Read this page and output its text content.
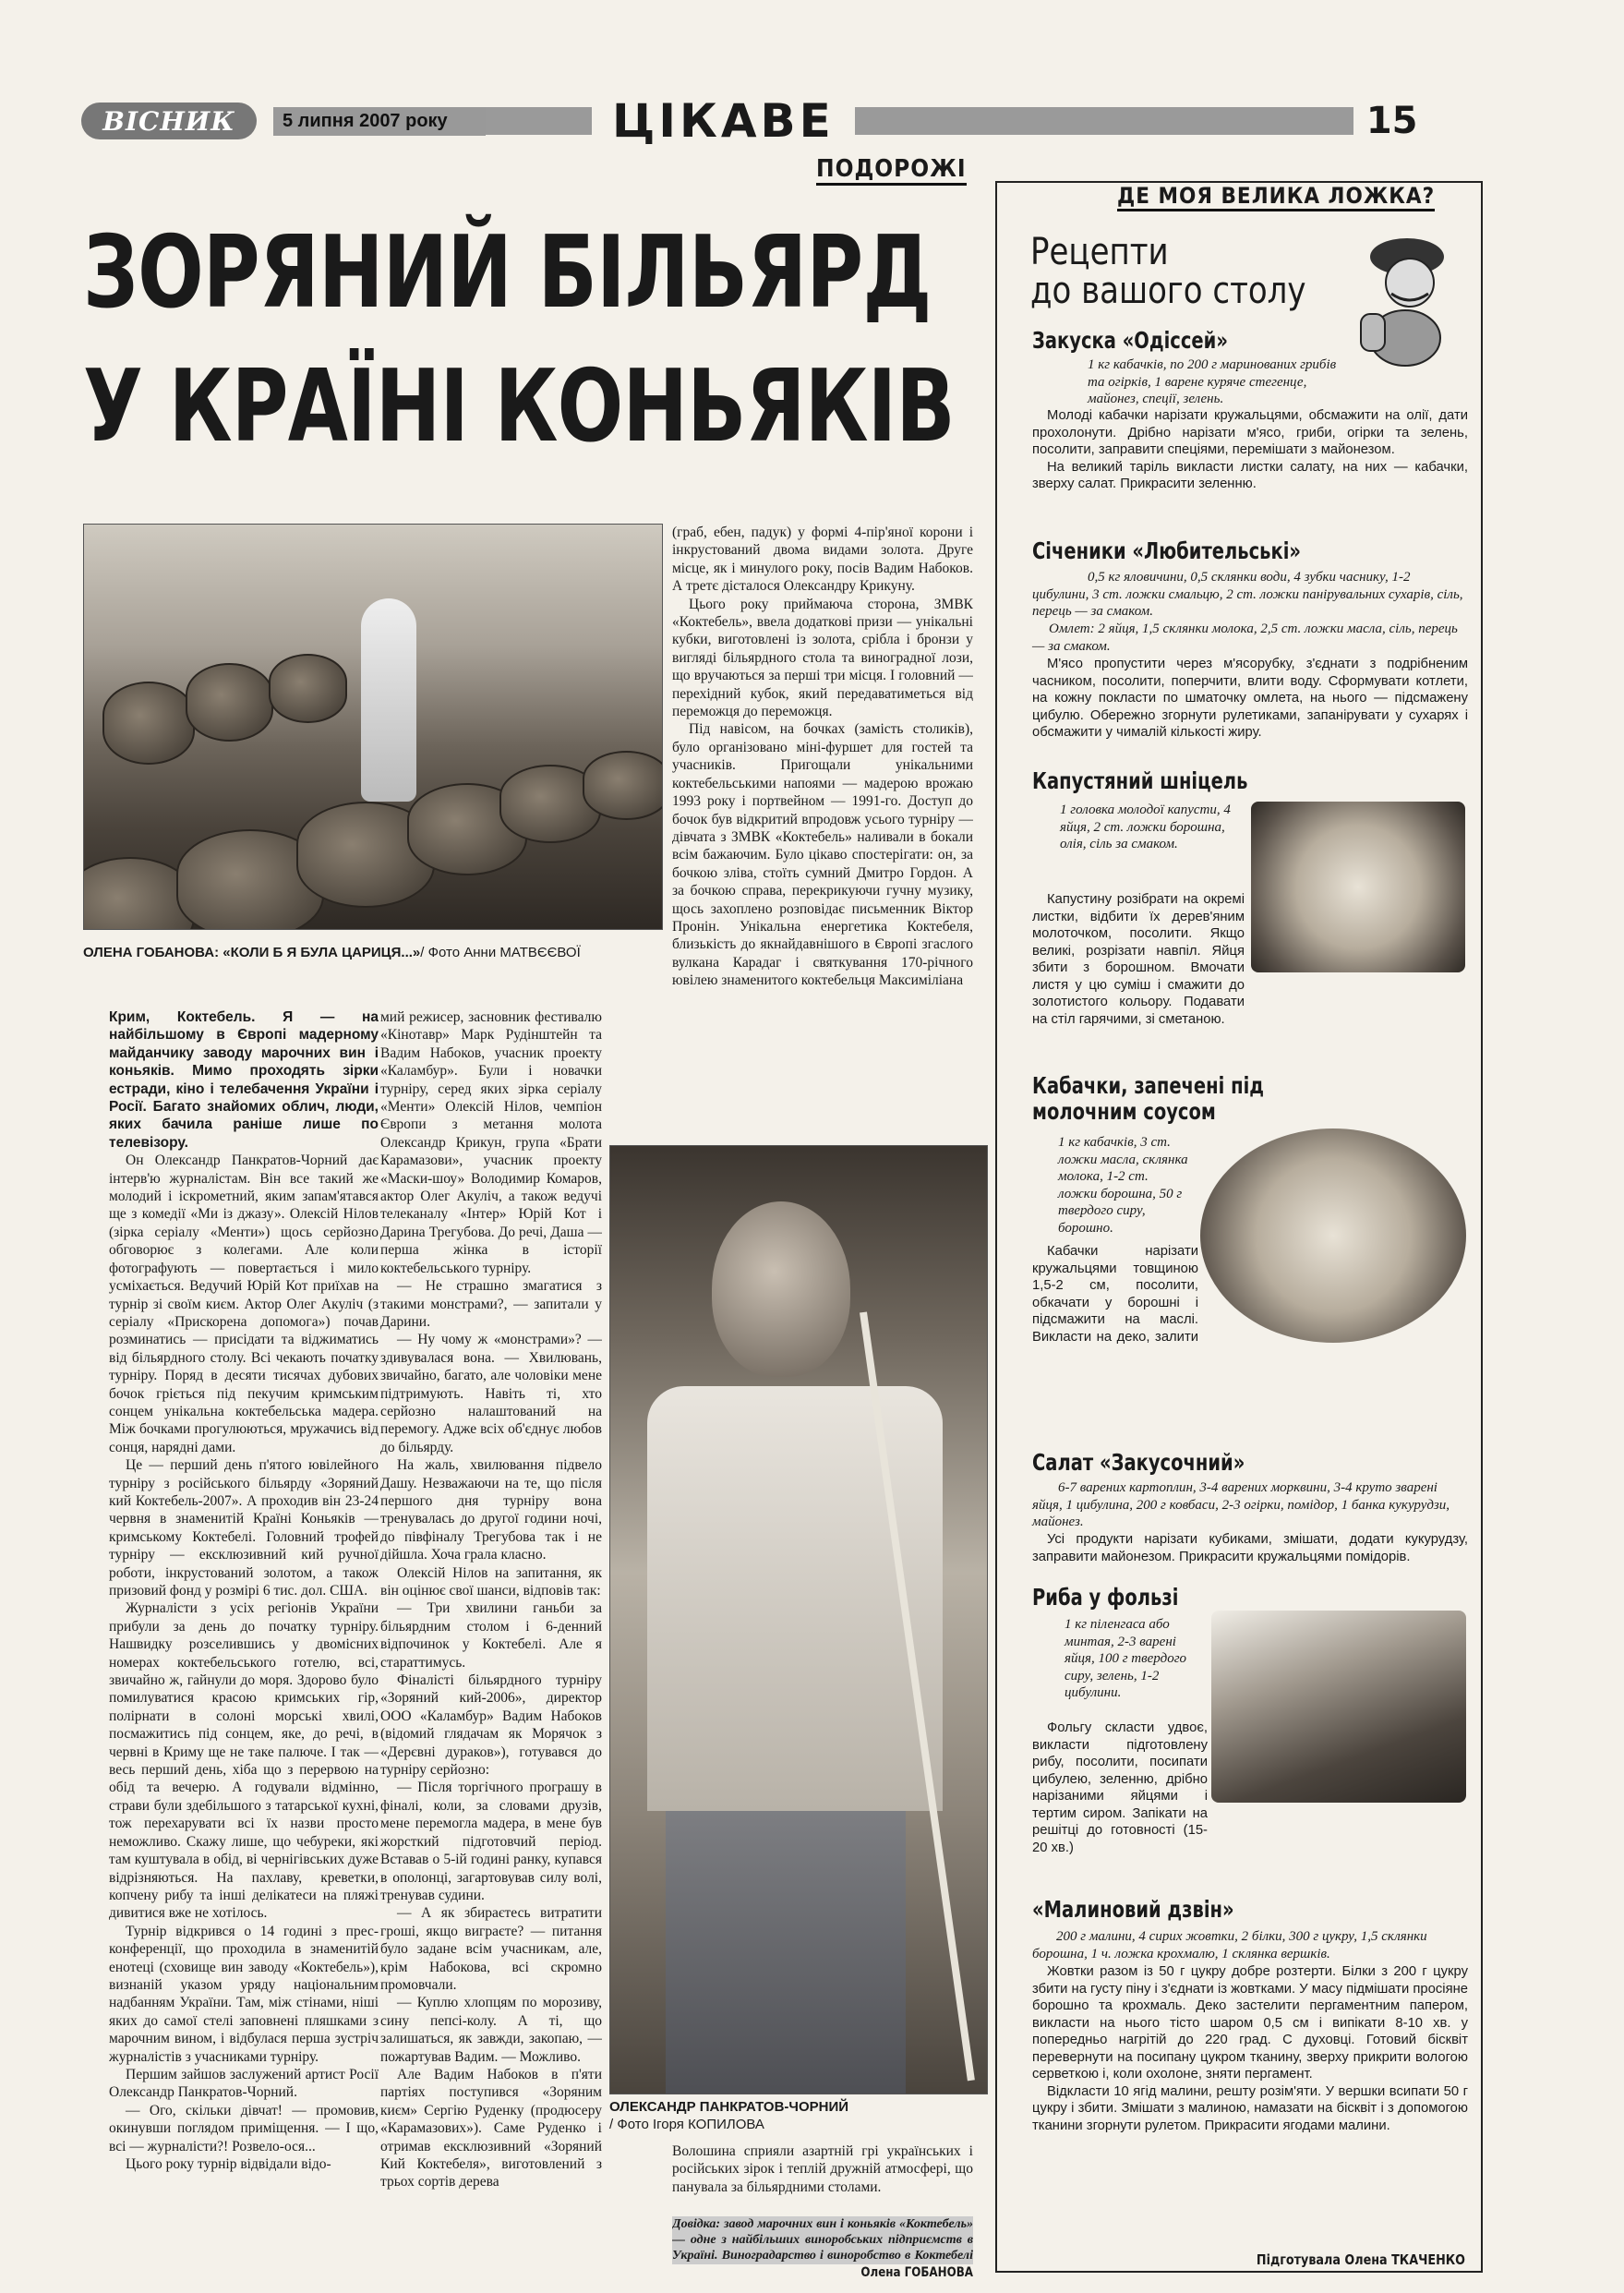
ВІСНИК	5 липня 2007 року	ЦІКАВЕ	15
ПОДОРОЖІ
ЗОРЯНИЙ БІЛЬЯРД
У КРАЇНІ КОНЬЯКІВ
ОЛЕНА ГОБАНОВА: «КОЛИ Б Я БУЛА ЦАРИЦЯ...»/ Фото Анни МАТВЄЄВОЇ

(граб, ебен, падук) у формі 4-пір'яної корони і інкрустований двома видами золота. Друге місце, як і минулого року, посів Вадим Набоков. А третє дісталося Олександру Крикуну.

Цього року приймаюча сторона, ЗМВК «Коктебель», ввела додаткові призи — унікальні кубки, виготовлені із золота, срібла і бронзи у вигляді більярдного стола та виноградної лози, що вручаються за перші три місця. І головний — перехідний кубок, який передаватиметься від переможця до переможця.

Під навісом, на бочках (замість столиків), було організовано міні-фуршет для гостей та учасників. Пригощали унікальними коктебельськими напоями — мадерою врожаю 1993 року і портвейном — 1991-го. Доступ до бочок був відкритий впродовж усього турніру — дівчата з ЗМВК «Коктебель» наливали в бокали всім бажаючим. Було цікаво спостерігати: он, за бочкою зліва, стоїть сумний Дмитро Гордон. А за бочкою справа, перекрикуючи гучну музику, щось захоплено розповідає письменник Віктор Пронін. Унікальна енергетика Коктебеля, близькість до якнайдавнішого в Європі згаслого вулкана Карадаг і святкування 170-річного ювілею знаменитого коктебельця Максиміліана

Крим, Коктебель. Я — на найбільшому в Європі мадерному майданчику заводу марочних вин і коньяків. Мимо проходять зірки естради, кіно і телебачення України і Росії. Багато знайомих облич, люди, яких бачила раніше лише по телевізору.

Он Олександр Панкратов-Чорний дає інтерв'ю журналістам. Він все такий же молодий і іскрометний, яким запам'ятався ще з комедії «Ми із джазу». Олексій Нілов (зірка серіалу «Менти») щось серйозно обговорює з колегами. Але коли фотографують — повертається і мило усміхається. Ведучий Юрій Кот приїхав на турнір зі своїм києм. Актор Олег Акуліч (з серіалу «Прискорена допомога») почав розминатись — присідати та віджиматись від більярдного столу. Всі чекають початку турніру. Поряд в десяти тисячах дубових бочок гріється під пекучим кримським сонцем унікальна коктебельська мадера. Між бочками прогулюються, мружачись від сонця, нарядні дами.

Це — перший день п'ятого ювілейного турніру з російського більярду «Зоряний кий Коктебель-2007». А проходив він 23-24 червня в знаменитій Країні Коньяків — кримському Коктебелі. Головний трофей турніру — ексклюзивний кий ручної роботи, інкрустований золотом, а також призовий фонд у розмірі 6 тис. дол. США.

Журналісти з усіх регіонів України прибули за день до початку турніру. Нашвидку розселившись у двомісних номерах коктебельського готелю, всі, звичайно ж, гайнули до моря. Здорово було помилуватися красою кримських гір, полірнати в солоні морські хвилі, посмажитись під сонцем, яке, до речі, в червні в Криму ще не таке палюче. І так — весь перший день, хіба що з перервою на обід та вечерю. А годували відмінно, страви були здебільшого з татарської кухні, тож перехарувати всі їх назви просто неможливо. Скажу лише, що чебуреки, які там куштувала в обід, ві чернігівських дуже відрізняються. На пахлаву, креветки, копчену рибу та інші делікатеси на пляжі дивитися вже не хотілось.

Турнір відкрився о 14 годині з прес-конференції, що проходила в знаменитій енотеці (сховище вин заводу «Коктебель»), визнаній указом уряду національним надбанням України. Там, між стінами, ніші яких до самої стелі заповнені пляшками з марочним вином, і відбулася перша зустріч журналістів з учасниками турніру.

Першим зайшов заслужений артист Росії Олександр Панкратов-Чорний.

— Ого, скільки дівчат! — промовив, окинувши поглядом приміщення. — І що, всі — журналісти?! Розвело-ося...

Цього року турнір відвідали відо-

мий режисер, засновник фестивалю «Кінотавр» Марк Рудінштейн та Вадим Набоков, учасник проекту «Каламбур». Були і новачки турніру, серед яких зірка серіалу «Менти» Олексій Нілов, чемпіон Європи з метання молота Олександр Крикун, група «Брати Карамазови», учасник проекту «Маски-шоу» Володимир Комаров, актор Олег Акуліч, а також ведучі телеканалу «Інтер» Юрій Кот і Дарина Трегубова. До речі, Даша — перша жінка в історії коктебельського турніру.

— Не страшно змагатися з такими монстрами?, — запитали у Дарини.

— Ну чому ж «монстрами»? — здивувалася вона. — Хвилювань, звичайно, багато, але чоловіки мене підтримують. Навіть ті, хто серйозно налаштований на перемогу. Адже всіх об'єднує любов до більярду.

На жаль, хвилювання підвело Дашу. Незважаючи на те, що після першого дня турніру вона тренувалась до другої години ночі, до півфіналу Трегубова так і не дійшла. Хоча грала класно.

Олексій Нілов на запитання, як він оцінює свої шанси, відповів так:

— Три хвилини ганьби за більярдним столом і 6-денний відпочинок у Коктебелі. Але я стараттимусь.

Фіналісті більярдного турніру «Зоряний кий-2006», директор ООО «Каламбур» Вадим Набоков (відомий глядачам як Морячок з «Дерєвні дураков»), готувався до турніру серйозно:

— Після торгічного програшу в фіналі, коли, за словами друзів, мене перемогла мадера, в мене був жорсткий підготовчий період. Вставав о 5-ій годині ранку, купався в ополонці, загартовував силу волі, тренував судини.

— А як збираєтесь витратити гроші, якщо виграєте? — питання було задане всім учасникам, але, крім Набокова, всі скромно промовчали.

— Куплю хлопцям по морозиву, сину пепсі-колу. А ті, що залишаться, як завжди, закопаю, — пожартував Вадим. — Можливо.

Але Вадим Набоков в п'яти партіях поступився «Зоряним києм» Сергію Руденку (продюсеру «Карамазових»). Саме Руденко і отримав ексклюзивний «Зоряний Кий Коктебеля», виготовлений з трьох сортів дерева

ОЛЕКСАНДР ПАНКРАТОВ-ЧОРНИЙ
/ Фото Ігоря КОПИЛОВА

Волошина сприяли азартній грі українських і російських зірок і теплій дружній атмосфері, що панувала за більярдними столами.

Довідка: завод марочних вин і коньяків «Коктебель» — одне з найбільших винoробських підприємств в Україні. Виноградарство і виноробство в Коктебелі

Олена ГОБАНОВА
ДЕ МОЯ ВЕЛИКА ЛОЖКА?
Рецепти
до вашого столу
Закуска «Одіссей»
1 кг кабачків, по 200 г маринованих грибів та огірків, 1 варене куряче стегенце, майонез, спеції, зелень.

Молоді кабачки нарізати кружальцями, обсмажити на олії, дати прохолонути. Дрібно нарізати м'ясо, гриби, огірки та зелень, посолити, заправити спеціями, перемішати з майонезом.

На великий таріль викласти листки салату, на них — кабачки, зверху салат. Прикрасити зеленню.

Січеники «Любительські»
0,5 кг яловичини, 0,5 склянки води, 4 зубки часнику, 1-2 цибулини, 3 ст. ложки смальцю, 2 ст. ложки панірувальних сухарів, сіль, перець — за смаком.
Омлет: 2 яйця, 1,5 склянки молока, 2,5 ст. ложки масла, сіль, перець — за смаком.

М'ясо пропустити через м'ясорубку, з'єднати з подрібненим часником, посолити, поперчити, влити воду. Сформувати котлети, на кожну покласти по шматочку омлета, на нього — підсмажену цибулю. Обережно згорнути рулетиками, запанірувати у сухарях і обсмажити у чималій кількості жиру.

Капустяний шніцель
1 головка молодої капусти, 4 яйця, 2 ст. ложки борошна, олія, сіль за смаком.

Капустину розібрати на окремі листки, відбити їх дерев'яним молоточком, посолити. Якщо великі, розрізати навпіл. Яйця збити з борошном. Вмочати листя у цю суміш і смажити до золотистого кольору. Подавати на стіл гарячими, зі сметаною.

Кабачки, запечені під молочним соусом
1 кг кабачків, 3 ст. ложки масла, склянка молока, 1-2 ст. ложки борошна, 50 г твердого сиру, борошно.

Кабачки нарізати кружальцями товщиною 1,5-2 см, посолити, обкачати у борошні і підсмажити на маслі. Викласти на деко, залити

Салат «Закусочний»
6-7 варених картоплин, 3-4 варених морквини, 3-4 круто зварені яйця, 1 цибулина, 200 г ковбаси, 2-3 огірки, помідор, 1 банка кукурудзи, майонез.

Усі продукти нарізати кубиками, змішати, додати кукурудзу, заправити майонезом. Прикрасити кружальцями помідорів.

Риба у фользі
1 кг піленгаса або минтая, 2-3 варені яйця, 100 г твердого сиру, зелень, 1-2 цибулини.

Фольгу скласти удвоє, викласти підготовлену рибу, посолити, посипати цибулею, зеленню, дрібно нарізаними яйцями і тертим сиром. Запікати на решітці до готовності (15-20 хв.)

«Малиновий дзвін»
200 г малини, 4 сирих жовтки, 2 білки, 300 г цукру, 1,5 склянки борошна, 1 ч. ложка крохмалю, 1 склянка вершків.

Жовтки разом із 50 г цукру добре розтерти. Білки з 200 г цукру збити на густу піну і з'єднати із жовтками. У масу підмішати просіяне борошно та крохмаль. Деко застелити пергаментним папером, викласти на нього тісто шаром 0,5 см і випікати 8-10 хв. у попередньо нагрітій до 220 град. С духовці. Готовий бісквіт перевернути на посипану цукром тканину, зверху прикрити вологою серветкою і, коли охолоне, зняти пергамент.

Відкласти 10 ягід малини, решту розім'яти. У вершки всипати 50 г цукру і збити. Змішати з малиною, намазати на бісквіт і з допомогою тканини згорнути рулетом. Прикрасити ягодами малини.

Підготувала Олена ТКАЧЕНКО
